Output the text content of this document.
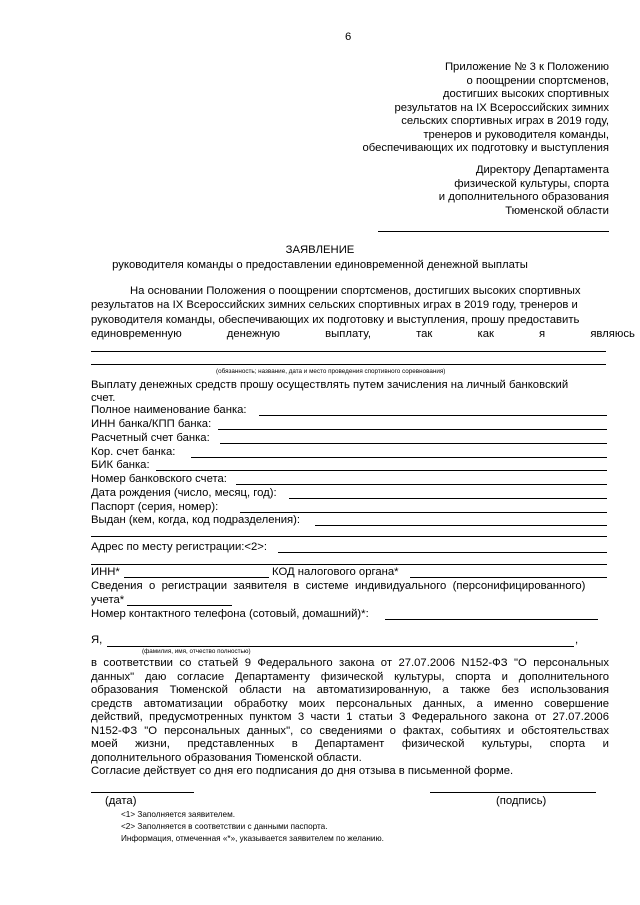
6
Приложение № 3 к Положению
о поощрении спортсменов,
достигших высоких спортивных
результатов на IX Всероссийских зимних
сельских спортивных играх в 2019 году,
тренеров и руководителя команды,
обеспечивающих их подготовку и выступления
Директору Департамента
физической культуры, спорта
и дополнительного образования
Тюменской области
ЗАЯВЛЕНИЕ
руководителя команды о предоставлении единовременной денежной выплаты
На основании Положения о поощрении спортсменов, достигших высоких спортивных
результатов на IX Всероссийских зимних сельских спортивных играх в 2019 году, тренеров и
руководителя команды, обеспечивающих их подготовку и выступления, прошу предоставить
единовременную денежную выплату, так как я являюсь
(обязанность; название, дата и место проведения спортивного соревнования)
Выплату денежных средств прошу осуществлять путем зачисления на личный банковский
счет.
Полное наименование банка:
ИНН банка/КПП банка:
Расчетный счет банка:
Кор. счет банка:
БИК банка:
Номер банковского счета:
Дата рождения (число, месяц, год):
Паспорт (серия, номер):
Выдан (кем, когда, код подразделения):
Адрес по месту регистрации:<2>:
ИНН*	КОД налогового органа*
Сведения о регистрации заявителя в системе индивидуального (персонифицированного)
учета*
Номер контактного телефона (сотовый, домашний)*:
Я,	,
(фамилия, имя, отчество полностью)
в соответствии со статьей 9 Федерального закона от 27.07.2006 N152-ФЗ "О персональных
данных" даю согласие Департаменту физической культуры, спорта и дополнительного
образования Тюменской области на автоматизированную, а также без использования
средств автоматизации обработку моих персональных данных, а именно совершение
действий, предусмотренных пунктом 3 части 1 статьи 3 Федерального закона от 27.07.2006
N152-ФЗ "О персональных данных", со сведениями о фактах, событиях и обстоятельствах
моей жизни, представленных в Департамент физической культуры, спорта и
дополнительного образования Тюменской области.
Согласие действует со дня его подписания до дня отзыва в письменной форме.
(дата)	(подпись)
<1> Заполняется заявителем.
<2> Заполняется в соответствии с данными паспорта.
Информация, отмеченная «*», указывается заявителем по желанию.
